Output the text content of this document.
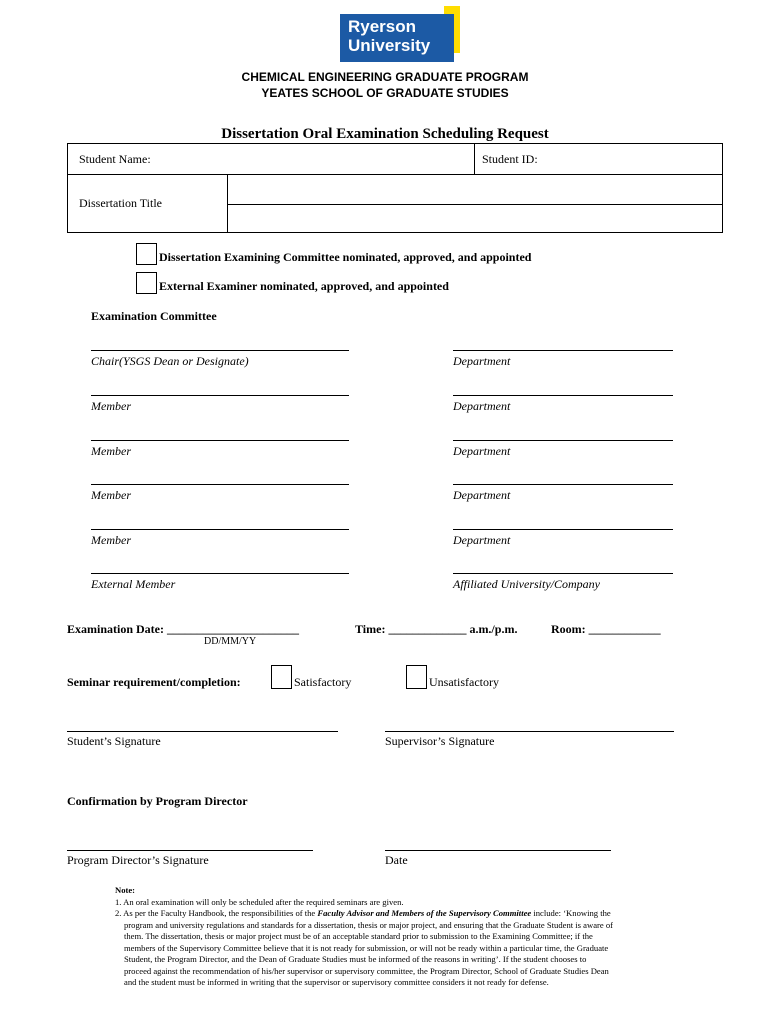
Ryerson
University
CHEMICAL ENGINEERING GRADUATE PROGRAM
YEATES SCHOOL OF GRADUATE STUDIES
Dissertation Oral Examination Scheduling Request
Student Name:	Student ID:
Dissertation Title
Dissertation Examining Committee nominated, approved, and appointed
External Examiner nominated, approved, and appointed
Examination Committee
Chair(YSGS Dean or Designate)	Department
Member	Department
Member	Department
Member	Department
Member	Department
External Member	Affiliated University/Company
Examination Date: ______________________	Time: _____________ a.m./p.m.	Room: ____________
DD/MM/YY
Seminar requirement/completion:	Satisfactory	Unsatisfactory
Student’s Signature	Supervisor’s Signature
Confirmation by Program Director
Program Director’s Signature	Date
Note:
1. An oral examination will only be scheduled after the required seminars are given.
2. As per the Faculty Handbook, the responsibilities of the Faculty Advisor and Members of the Supervisory Committee include: ‘Knowing the
program and university regulations and standards for a dissertation, thesis or major project, and ensuring that the Graduate Student is aware of
them. The dissertation, thesis or major project must be of an acceptable standard prior to submission to the Examining Committee; if the
members of the Supervisory Committee believe that it is not ready for submission, or will not be ready within a particular time, the Graduate
Student, the Program Director, and the Dean of Graduate Studies must be informed of the reasons in writing’. If the student chooses to
proceed against the recommendation of his/her supervisor or supervisory committee, the Program Director, School of Graduate Studies Dean
and the student must be informed in writing that the supervisor or supervisory committee considers it not ready for defense.
